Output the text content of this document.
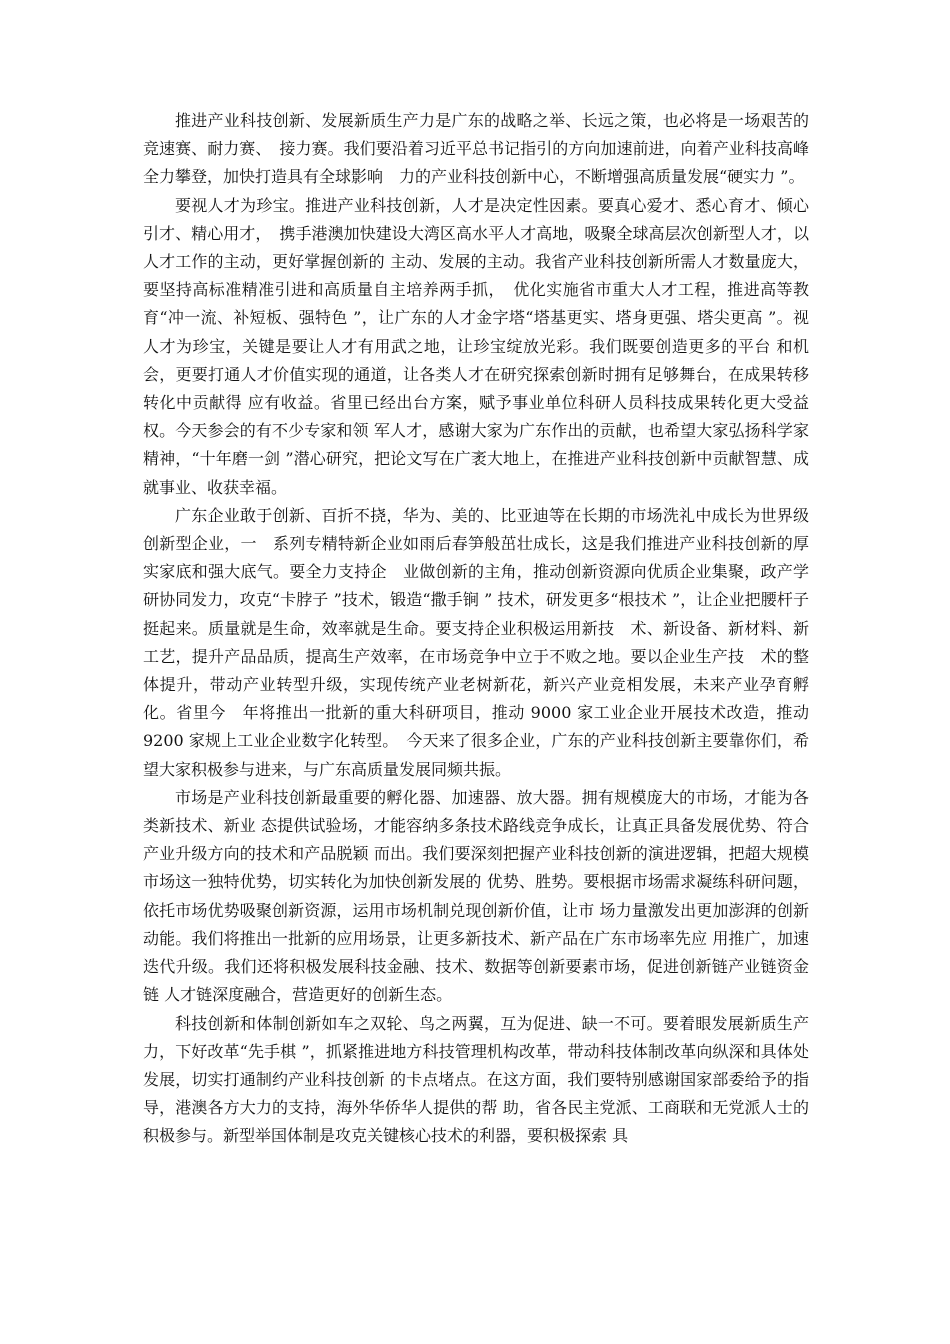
推进产业科技创新、发展新质生产力是广东的战略之举、长远之策，也必将是一场艰苦的竞速赛、耐力赛、　接力赛。我们要沿着习近平总书记指引的方向加速前进，向着产业科技高峰全力攀登，加快打造具有全球影响　力的产业科技创新中心，不断增强高质量发展“硬实力 ”。

要视人才为珍宝。推进产业科技创新，人才是决定性因素。要真心爱才、悉心育才、倾心引才、精心用才，　携手港澳加快建设大湾区高水平人才高地，吸聚全球高层次创新型人才，以人才工作的主动，更好掌握创新的 主动、发展的主动。我省产业科技创新所需人才数量庞大，要坚持高标准精准引进和高质量自主培养两手抓，　优化实施省市重大人才工程，推进高等教育“冲一流、补短板、强特色 ”，让广东的人才金字塔“塔基更实、塔身更强、塔尖更高 ”。视人才为珍宝，关键是要让人才有用武之地，让珍宝绽放光彩。我们既要创造更多的平台 和机会，更要打通人才价值实现的通道，让各类人才在研究探索创新时拥有足够舞台，在成果转移转化中贡献得 应有收益。省里已经出台方案，赋予事业单位科研人员科技成果转化更大受益权。今天参会的有不少专家和领 军人才，感谢大家为广东作出的贡献，也希望大家弘扬科学家精神，“十年磨一剑 ”潜心研究，把论文写在广袤大地上，在推进产业科技创新中贡献智慧、成就事业、收获幸福。

广东企业敢于创新、百折不挠，华为、美的、比亚迪等在长期的市场洗礼中成长为世界级创新型企业，一　系列专精特新企业如雨后春笋般茁壮成长，这是我们推进产业科技创新的厚实家底和强大底气。要全力支持企　业做创新的主角，推动创新资源向优质企业集聚，政产学研协同发力，攻克“卡脖子 ”技术，锻造“撒手锏 ” 技术，研发更多“根技术 ”，让企业把腰杆子挺起来。质量就是生命，效率就是生命。要支持企业积极运用新技　术、新设备、新材料、新工艺，提升产品品质，提高生产效率，在市场竞争中立于不败之地。要以企业生产技　术的整体提升，带动产业转型升级，实现传统产业老树新花，新兴产业竞相发展，未来产业孕育孵化。省里今　年将推出一批新的重大科研项目，推动 9000 家工业企业开展技术改造，推动 9200 家规上工业企业数字化转型。　今天来了很多企业，广东的产业科技创新主要靠你们，希望大家积极参与进来，与广东高质量发展同频共振。

市场是产业科技创新最重要的孵化器、加速器、放大器。拥有规模庞大的市场，才能为各类新技术、新业 态提供试验场，才能容纳多条技术路线竞争成长，让真正具备发展优势、符合产业升级方向的技术和产品脱颖 而出。我们要深刻把握产业科技创新的演进逻辑，把超大规模市场这一独特优势，切实转化为加快创新发展的 优势、胜势。要根据市场需求凝练科研问题，依托市场优势吸聚创新资源，运用市场机制兑现创新价值，让市 场力量激发出更加澎湃的创新动能。我们将推出一批新的应用场景，让更多新技术、新产品在广东市场率先应 用推广，加速迭代升级。我们还将积极发展科技金融、技术、数据等创新要素市场，促进创新链产业链资金链 人才链深度融合，营造更好的创新生态。

科技创新和体制创新如车之双轮、鸟之两翼，互为促进、缺一不可。要着眼发展新质生产力，下好改革“先手棋 ”，抓紧推进地方科技管理机构改革，带动科技体制改革向纵深和具体处发展，切实打通制约产业科技创新 的卡点堵点。在这方面，我们要特别感谢国家部委给予的指导，港澳各方大力的支持，海外华侨华人提供的帮 助，省各民主党派、工商联和无党派人士的积极参与。新型举国体制是攻克关键核心技术的利器，要积极探索 具
